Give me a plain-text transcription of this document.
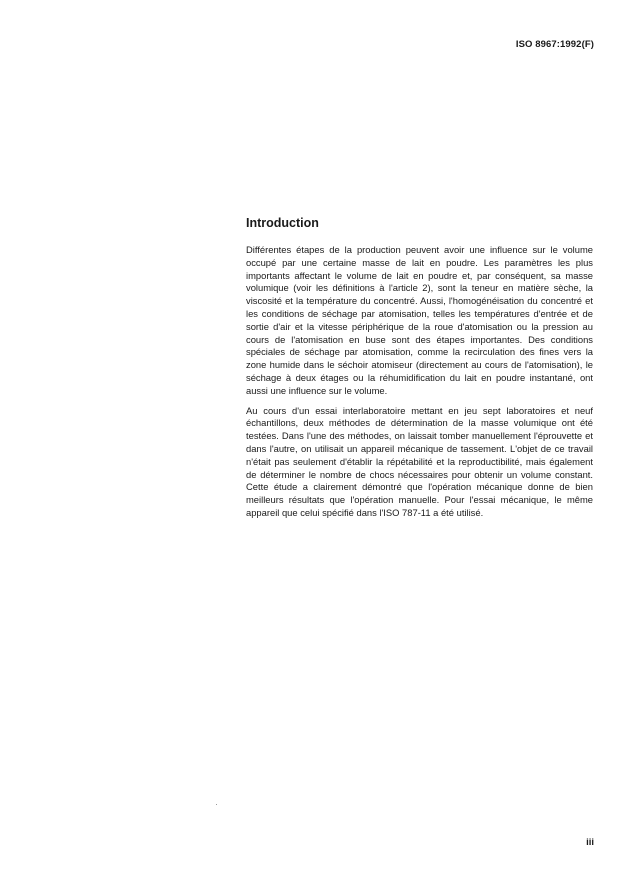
ISO 8967:1992(F)
Introduction

Différentes étapes de la production peuvent avoir une influence sur le volume occupé par une certaine masse de lait en poudre. Les paramètres les plus importants affectant le volume de lait en poudre et, par conséquent, sa masse volumique (voir les définitions à l'article 2), sont la teneur en matière sèche, la viscosité et la température du concentré. Aussi, l'homogénéisation du concentré et les conditions de séchage par atomisation, telles les températures d'entrée et de sortie d'air et la vitesse périphérique de la roue d'atomisation ou la pression au cours de l'atomisation en buse sont des étapes importantes. Des conditions spéciales de séchage par atomisation, comme la recirculation des fines vers la zone humide dans le séchoir atomiseur (directement au cours de l'atomisation), le séchage à deux étages ou la réhumidification du lait en poudre instantané, ont aussi une influence sur le volume.

Au cours d'un essai interlaboratoire mettant en jeu sept laboratoires et neuf échantillons, deux méthodes de détermination de la masse volumique ont été testées. Dans l'une des méthodes, on laissait tomber manuellement l'éprouvette et dans l'autre, on utilisait un appareil mécanique de tassement. L'objet de ce travail n'était pas seulement d'établir la répétabilité et la reproductibilité, mais également de déterminer le nombre de chocs nécessaires pour obtenir un volume constant. Cette étude a clairement démontré que l'opération mécanique donne de bien meilleurs résultats que l'opération manuelle. Pour l'essai mécanique, le même appareil que celui spécifié dans l'ISO 787-11 a été utilisé.

iii
